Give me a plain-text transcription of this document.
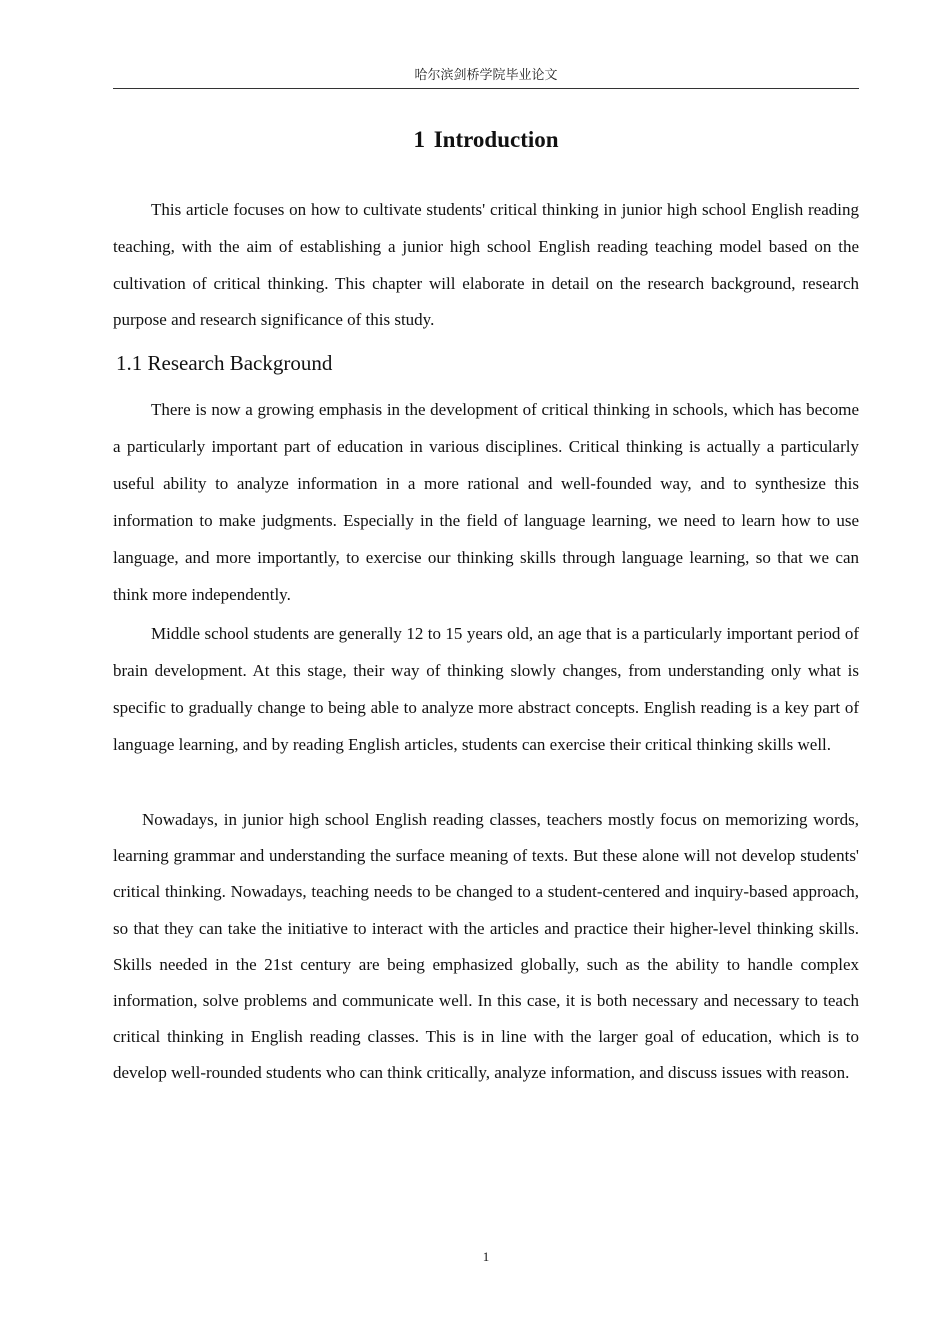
哈尔滨剑桥学院毕业论文
1 Introduction

This article focuses on how to cultivate students' critical thinking in junior high school English reading teaching, with the aim of establishing a junior high school English reading teaching model based on the cultivation of critical thinking. This chapter will elaborate in detail on the research background, research purpose and research significance of this study.

1.1 Research Background

There is now a growing emphasis in the development of critical thinking in schools, which has become a particularly important part of education in various disciplines. Critical thinking is actually a particularly useful ability to analyze information in a more rational and well-founded way, and to synthesize this information to make judgments. Especially in the field of language learning, we need to learn how to use language, and more importantly, to exercise our thinking skills through language learning, so that we can think more independently.

Middle school students are generally 12 to 15 years old, an age that is a particularly important period of brain development. At this stage, their way of thinking slowly changes, from understanding only what is specific to gradually change to being able to analyze more abstract concepts. English reading is a key part of language learning, and by reading English articles, students can exercise their critical thinking skills well.

Nowadays, in junior high school English reading classes, teachers mostly focus on memorizing words, learning grammar and understanding the surface meaning of texts. But these alone will not develop students' critical thinking. Nowadays, teaching needs to be changed to a student-centered and inquiry-based approach, so that they can take the initiative to interact with the articles and practice their higher-level thinking skills. Skills needed in the 21st century are being emphasized globally, such as the ability to handle complex information, solve problems and communicate well. In this case, it is both necessary and necessary to teach critical thinking in English reading classes. This is in line with the larger goal of education, which is to develop well-rounded students who can think critically, analyze information, and discuss issues with reason.

1
